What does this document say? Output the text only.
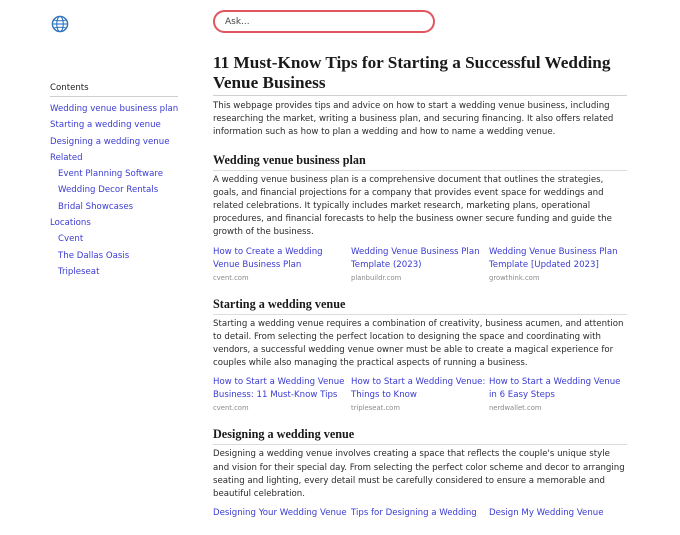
Ask...
Contents
Wedding venue business plan
Starting a wedding venue
Designing a wedding venue
Related
Event Planning Software
Wedding Decor Rentals
Bridal Showcases
Locations
Cvent
The Dallas Oasis
Tripleseat
11 Must-Know Tips for Starting a Successful Wedding Venue Business

This webpage provides tips and advice on how to start a wedding venue business, including researching the market, writing a business plan, and securing financing. It also offers related information such as how to plan a wedding and how to name a wedding venue.

Wedding venue business plan

A wedding venue business plan is a comprehensive document that outlines the strategies, goals, and financial projections for a company that provides event space for weddings and related celebrations. It typically includes market research, marketing plans, operational procedures, and financial forecasts to help the business owner secure funding and guide the growth of the business.

How to Create a Wedding Venue Business Plan
cvent.com
Wedding Venue Business Plan Template (2023)
planbuildr.com
Wedding Venue Business Plan Template [Updated 2023]
growthink.com
Starting a wedding venue

Starting a wedding venue requires a combination of creativity, business acumen, and attention to detail. From selecting the perfect location to designing the space and coordinating with vendors, a successful wedding venue owner must be able to create a magical experience for couples while also managing the practical aspects of running a business.

How to Start a Wedding Venue Business: 11 Must-Know Tips
cvent.com
How to Start a Wedding Venue: Things to Know
tripleseat.com
How to Start a Wedding Venue in 6 Easy Steps
nerdwallet.com
Designing a wedding venue

Designing a wedding venue involves creating a space that reflects the couple's unique style and vision for their special day. From selecting the perfect color scheme and decor to arranging seating and lighting, every detail must be carefully considered to ensure a memorable and beautiful celebration.

Designing Your Wedding Venue Tips for Designing a Wedding	Design My Wedding Venue
